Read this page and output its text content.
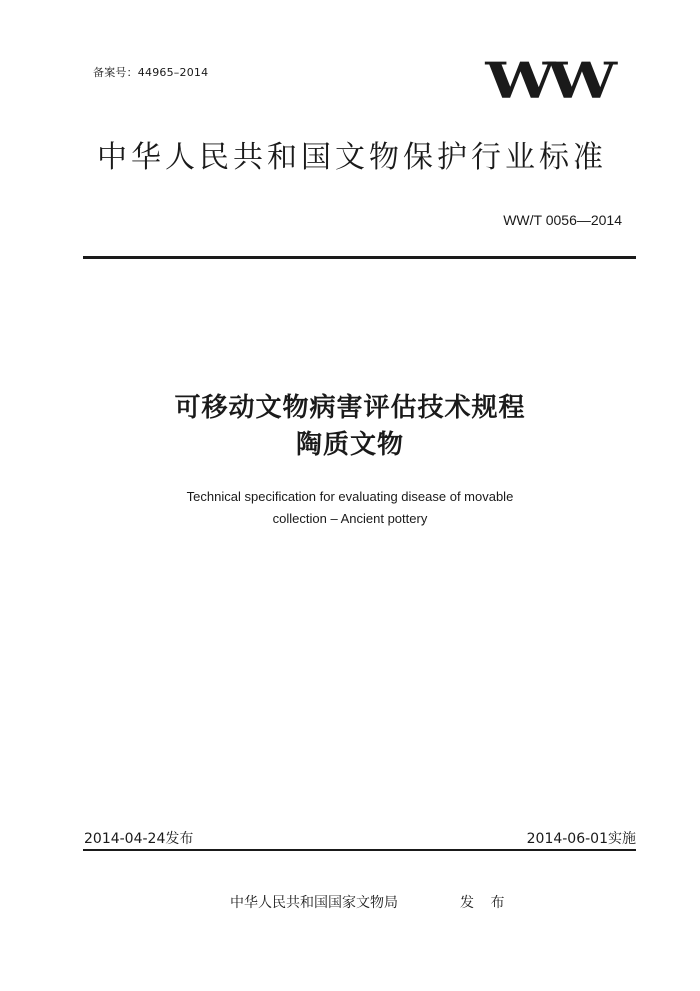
备案号：44965–2014	WW
中华人民共和国文物保护行业标准
WW/T 0056—2014
可移动文物病害评估技术规程
陶质文物
Technical specification for evaluating disease of movable
collection – Ancient pottery
2014-04-24发布	2014-06-01实施
中华人民共和国国家文物局	发 布
